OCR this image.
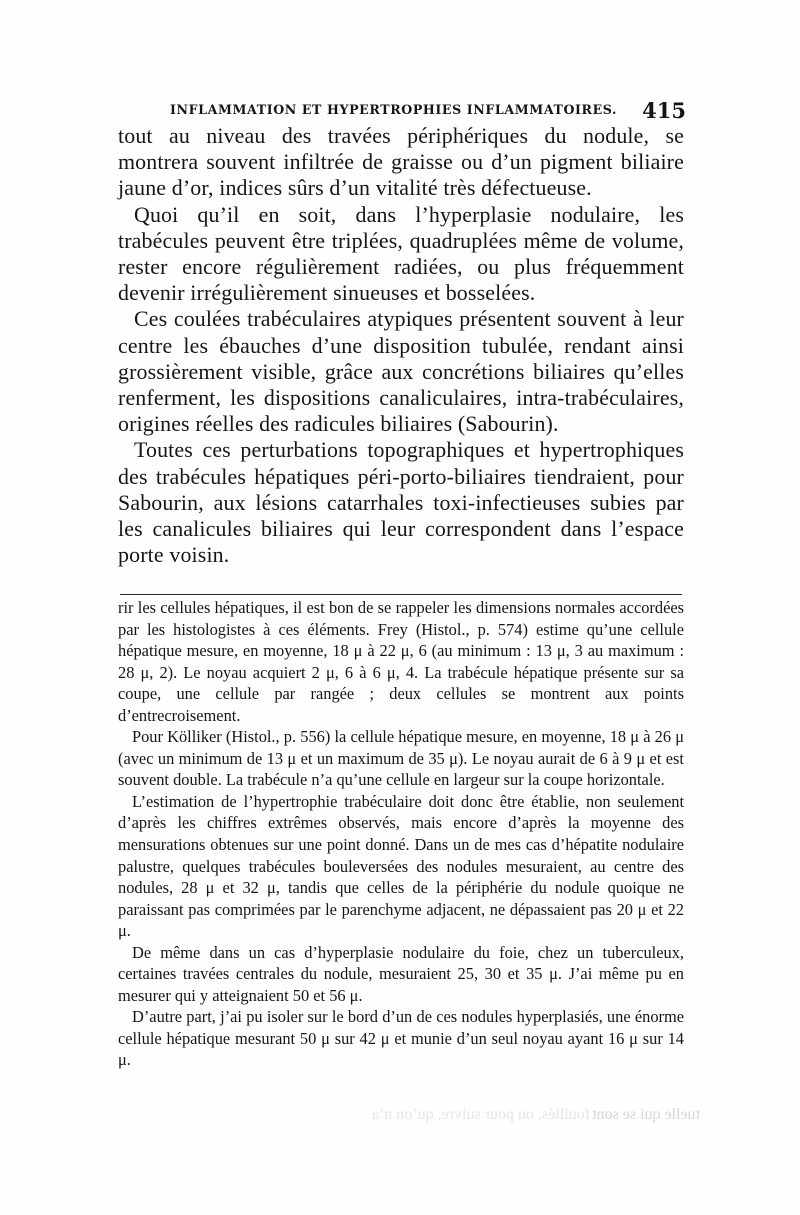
INFLAMMATION ET HYPERTROPHIES INFLAMMATOIRES. 415

tout au niveau des travées périphériques du nodule, se montrera souvent infiltrée de graisse ou d’un pigment biliaire jaune d’or, indices sûrs d’un vitalité très défectueuse.

Quoi qu’il en soit, dans l’hyperplasie nodulaire, les trabécules peuvent être triplées, quadruplées même de volume, rester encore régulièrement radiées, ou plus fréquemment devenir irrégulièrement sinueuses et bosselées.

Ces coulées trabéculaires atypiques présentent souvent à leur centre les ébauches d’une disposition tubulée, rendant ainsi grossièrement visible, grâce aux concrétions biliaires qu’elles renferment, les dispositions canaliculaires, intra-trabéculaires, origines réelles des radicules biliaires (Sabourin).

Toutes ces perturbations topographiques et hypertrophiques des trabécules hépatiques péri-porto-biliaires tiendraient, pour Sabourin, aux lésions catarrhales toxi-infectieuses subies par les canalicules biliaires qui leur correspondent dans l’espace porte voisin.

rir les cellules hépatiques, il est bon de se rappeler les dimensions normales accordées par les histologistes à ces éléments. Frey (Histol., p. 574) estime qu’une cellule hépatique mesure, en moyenne, 18 μ à 22 μ, 6 (au minimum : 13 μ, 3 au maximum : 28 μ, 2). Le noyau acquiert 2 μ, 6 à 6 μ, 4. La trabécule hépatique présente sur sa coupe, une cellule par rangée ; deux cellules se montrent aux points d’entrecroisement.

Pour Kölliker (Histol., p. 556) la cellule hépatique mesure, en moyenne, 18 μ à 26 μ (avec un minimum de 13 μ et un maximum de 35 μ). Le noyau aurait de 6 à 9 μ et est souvent double. La trabécule n’a qu’une cellule en largeur sur la coupe horizontale.

L’estimation de l’hypertrophie trabéculaire doit donc être établie, non seulement d’après les chiffres extrêmes observés, mais encore d’après la moyenne des mensurations obtenues sur une point donné. Dans un de mes cas d’hépatite nodulaire palustre, quelques trabécules bouleversées des nodules mesuraient, au centre des nodules, 28 μ et 32 μ, tandis que celles de la périphérie du nodule quoique ne paraissant pas comprimées par le parenchyme adjacent, ne dépassaient pas 20 μ et 22 μ.

De même dans un cas d’hyperplasie nodulaire du foie, chez un tuberculeux, certaines travées centrales du nodule, mesuraient 25, 30 et 35 μ. J’ai même pu en mesurer qui y atteignaient 50 et 56 μ.

D’autre part, j’ai pu isoler sur le bord d’un de ces nodules hyperplasiés, une énorme cellule hépatique mesurant 50 μ sur 42 μ et munie d’un seul noyau ayant 16 μ sur 14 μ.

fouillés, ou pour suivre, qu’on n’a tuelle qui se sont
